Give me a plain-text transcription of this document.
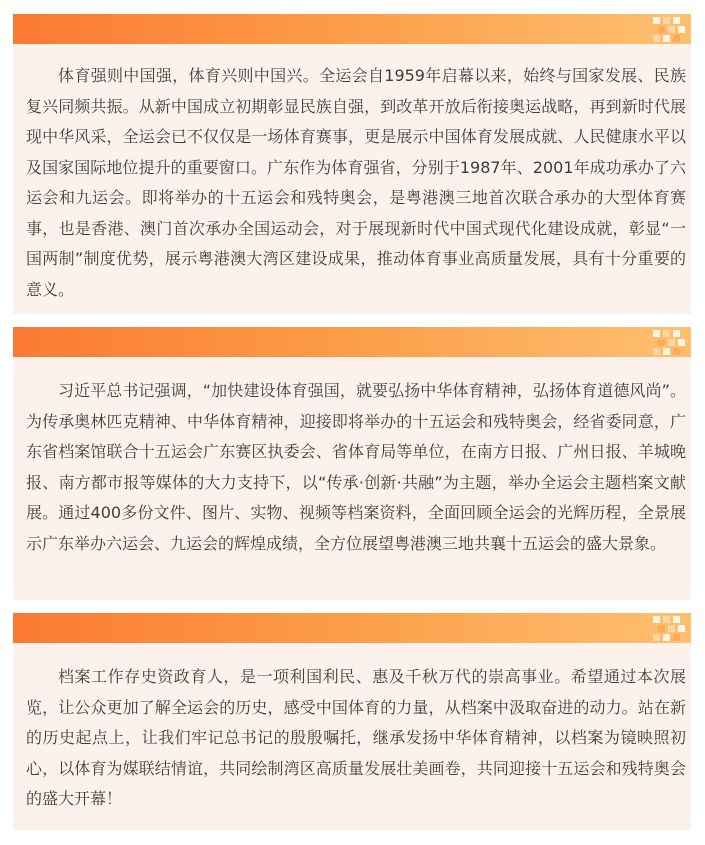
体育强则中国强，体育兴则中国兴。全运会自1959年启幕以来，始终与国家发展、民族复兴同频共振。从新中国成立初期彰显民族自强，到改革开放后衔接奥运战略，再到新时代展现中华风采，全运会已不仅仅是一场体育赛事，更是展示中国体育发展成就、人民健康水平以及国家国际地位提升的重要窗口。广东作为体育强省，分别于1987年、2001年成功承办了六运会和九运会。即将举办的十五运会和残特奥会，是粤港澳三地首次联合承办的大型体育赛事，也是香港、澳门首次承办全国运动会，对于展现新时代中国式现代化建设成就，彰显“一国两制”制度优势，展示粤港澳大湾区建设成果，推动体育事业高质量发展，具有十分重要的意义。

习近平总书记强调，“加快建设体育强国，就要弘扬中华体育精神，弘扬体育道德风尚”。为传承奥林匹克精神、中华体育精神，迎接即将举办的十五运会和残特奥会，经省委同意，广东省档案馆联合十五运会广东赛区执委会、省体育局等单位，在南方日报、广州日报、羊城晚报、南方都市报等媒体的大力支持下，以“传承·创新·共融”为主题，举办全运会主题档案文献展。通过400多份文件、图片、实物、视频等档案资料，全面回顾全运会的光辉历程，全景展示广东举办六运会、九运会的辉煌成绩，全方位展望粤港澳三地共襄十五运会的盛大景象。

档案工作存史资政育人，是一项利国利民、惠及千秋万代的崇高事业。希望通过本次展览，让公众更加了解全运会的历史，感受中国体育的力量，从档案中汲取奋进的动力。站在新的历史起点上，让我们牢记总书记的殷殷嘱托，继承发扬中华体育精神，以档案为镜映照初心，以体育为媒联结情谊，共同绘制湾区高质量发展壮美画卷，共同迎接十五运会和残特奥会的盛大开幕！
